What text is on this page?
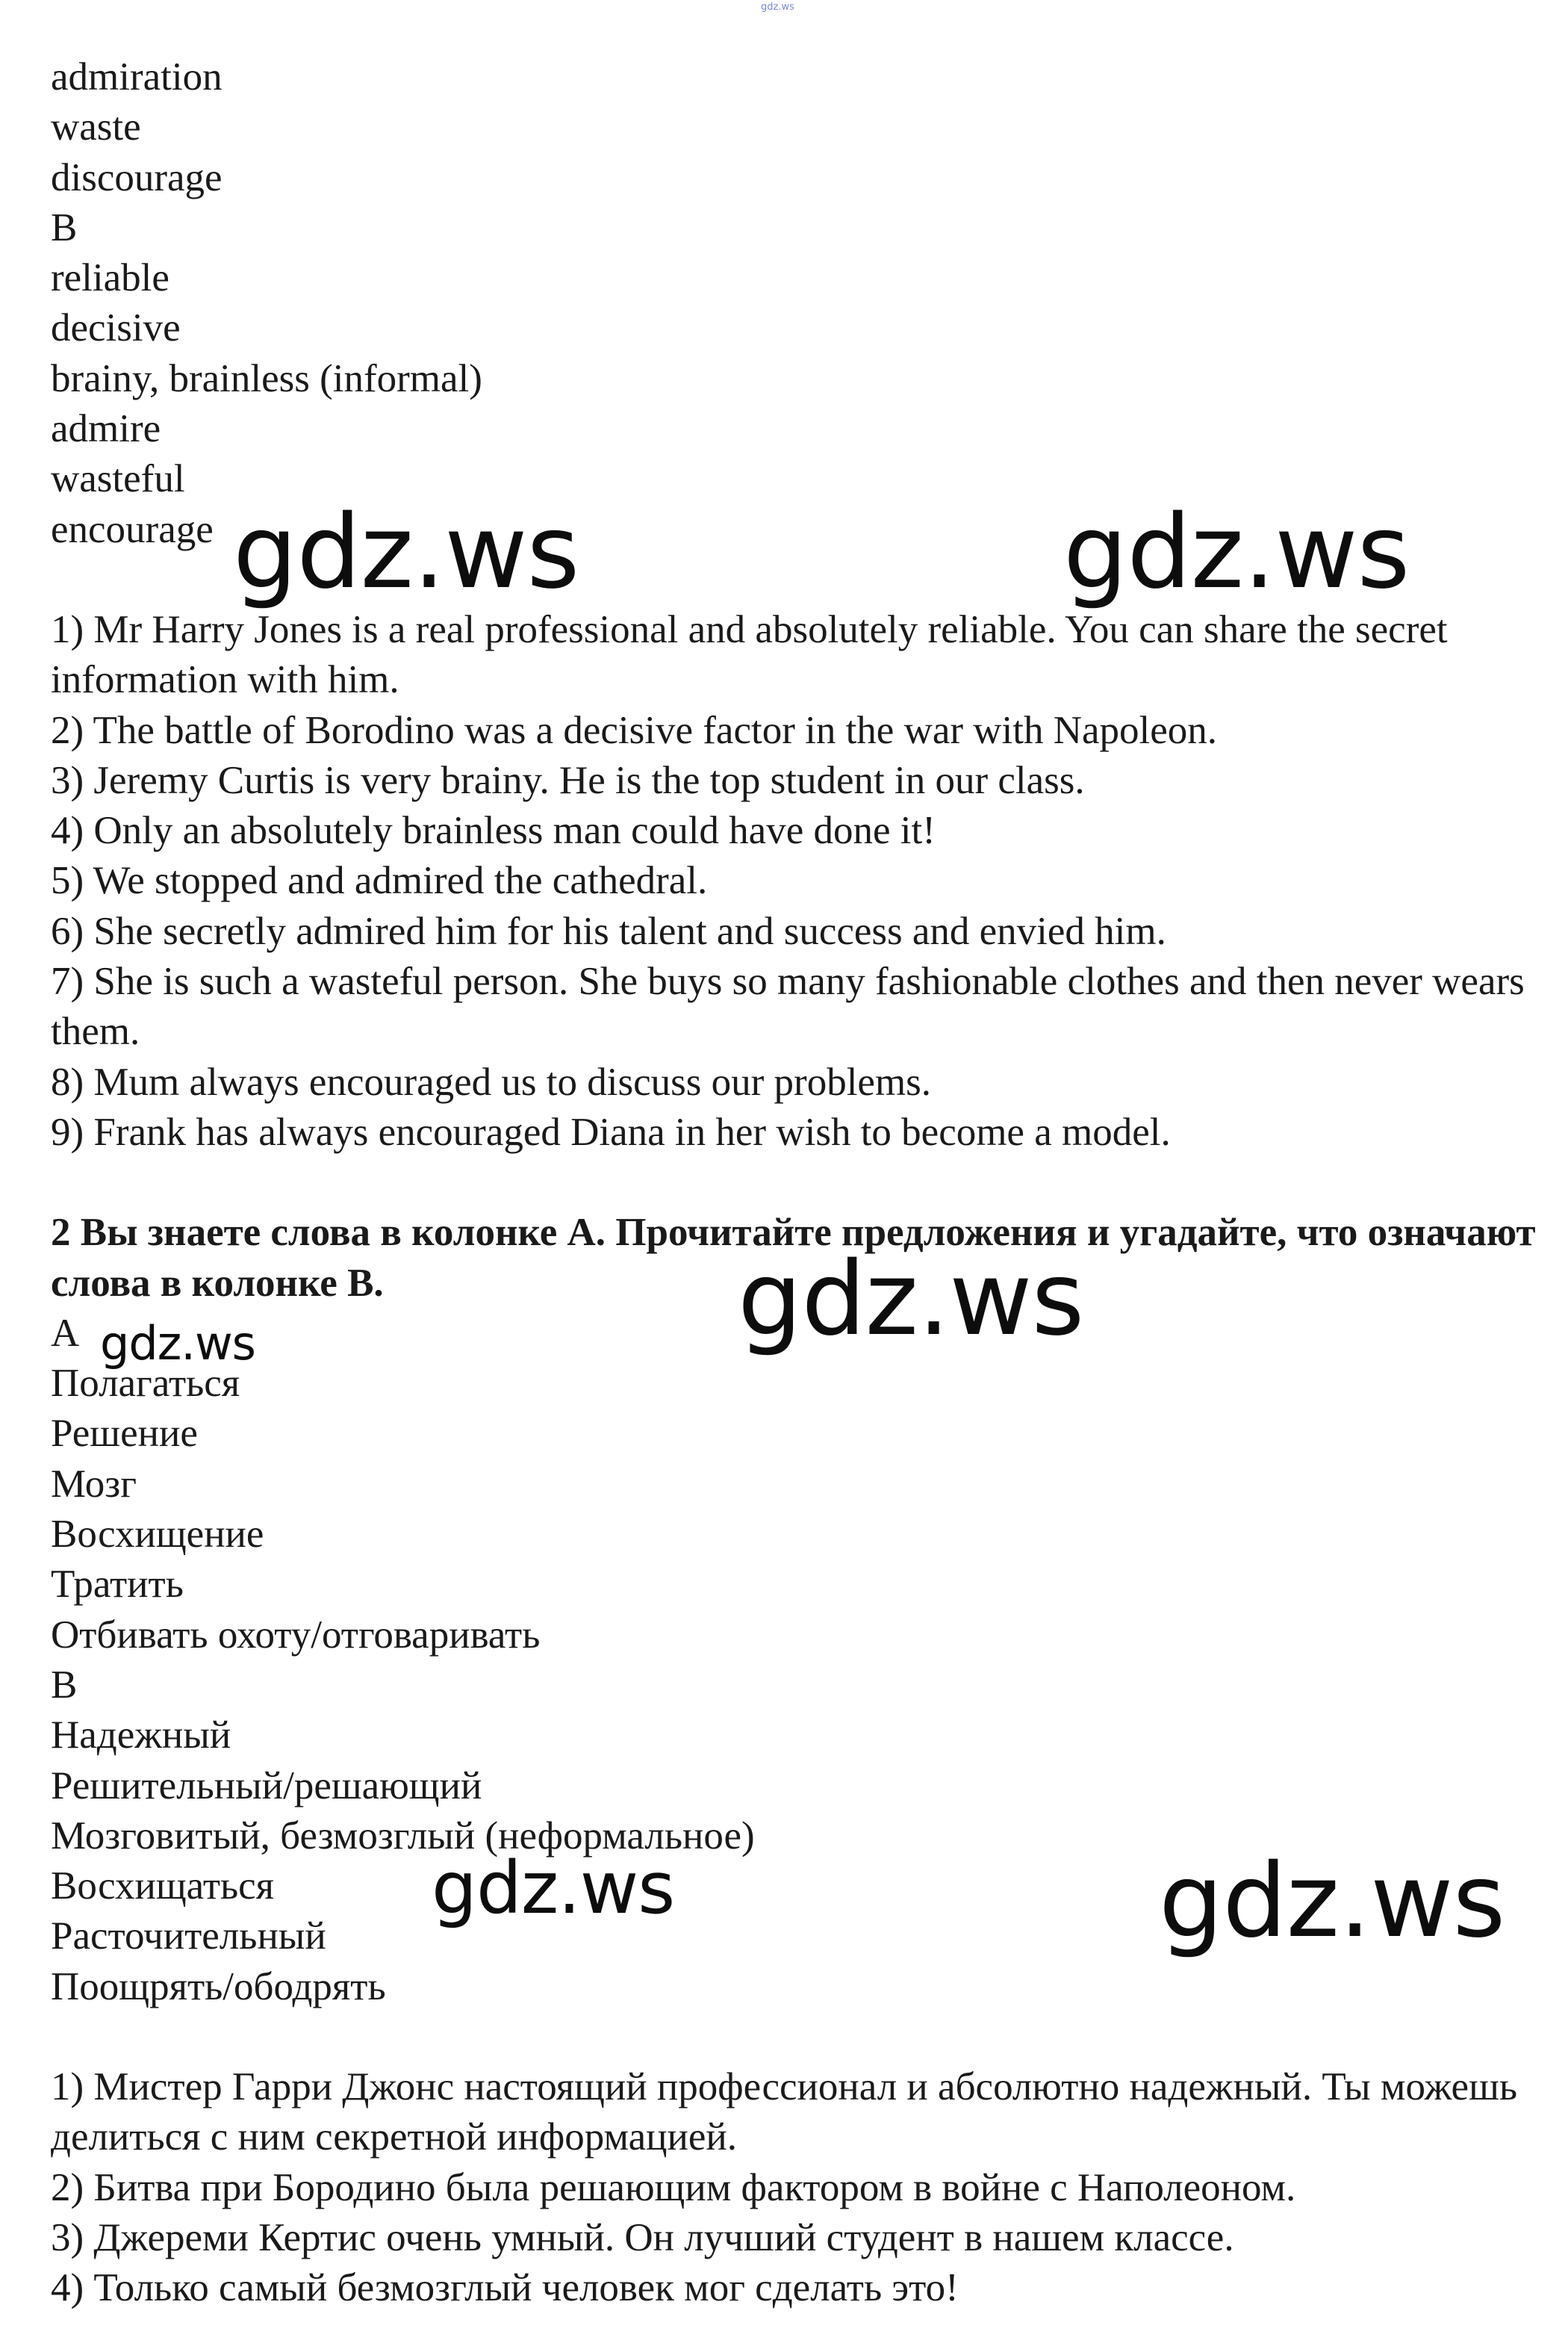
gdz.ws
admiration
waste
discourage
B
reliable
decisive
brainy, brainless (informal)
admire
wasteful
encourage
1) Mr Harry Jones is a real professional and absolutely reliable. You can share the secret information with him.
2) The battle of Borodino was a decisive factor in the war with Napoleon.
3) Jeremy Curtis is very brainy. He is the top student in our class.
4) Only an absolutely brainless man could have done it!
5) We stopped and admired the cathedral.
6) She secretly admired him for his talent and success and envied him.
7) She is such a wasteful person. She buys so many fashionable clothes and then never wears them.
8) Mum always encouraged us to discuss our problems.
9) Frank has always encouraged Diana in her wish to become a model.
2 Вы знаете слова в колонке А. Прочитайте предложения и угадайте, что означают слова в колонке В.
А
Полагаться
Решение
Мозг
Восхищение
Тратить
Отбивать охоту/отговаривать
В
Надежный
Решительный/решающий
Мозговитый, безмозглый (неформальное)
Восхищаться
Расточительный
Поощрять/ободрять
1) Мистер Гарри Джонс настоящий профессионал и абсолютно надежный. Ты можешь делиться с ним секретной информацией.
2) Битва при Бородино была решающим фактором в войне с Наполеоном.
3) Джереми Кертис очень умный. Он лучший студент в нашем классе.
4) Только самый безмозглый человек мог сделать это!
gdz.ws	gdz.ws
gdz.ws
gdz.ws
gdz.ws	gdz.ws
